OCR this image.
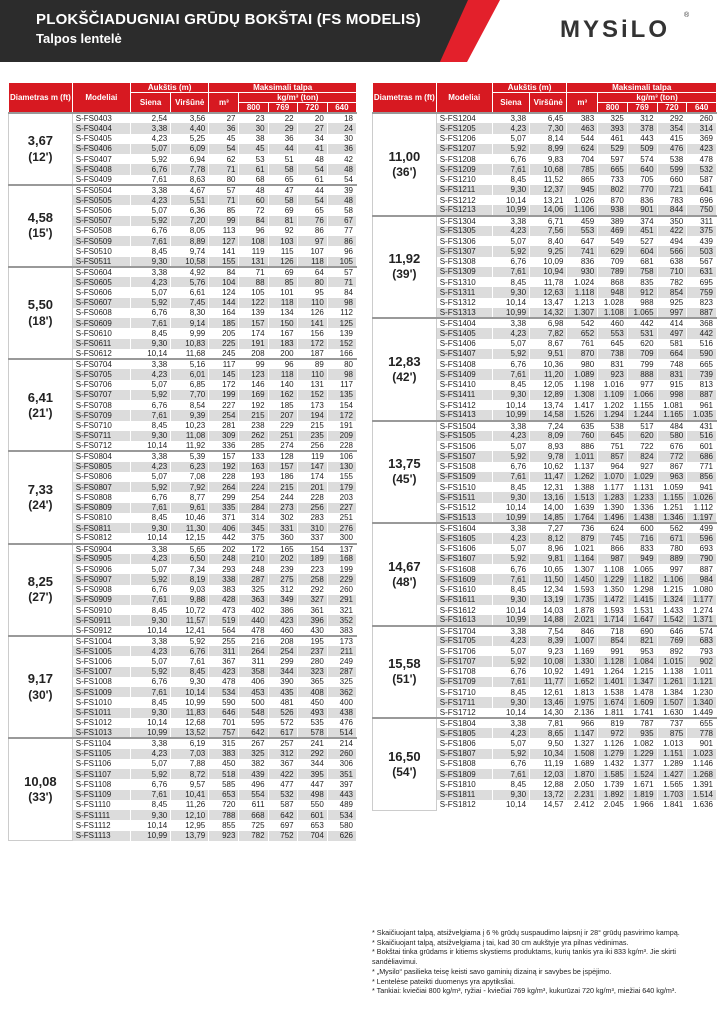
PLOKŠČIADUGNIAI GRŪDŲ BOKŠTAI (FS MODELIS)
Talpos lentelė	MYSiLO
®
Diametras m (ft)	Modeliai	Aukštis (m)		Maksimali talpa				
		Siena	Viršūnė	m³	kg/m³ (ton)			
					800	769	720	640

3,67
(12')	S-FS0403	2,54	3,56	27	23	22	20	18
	S-FS0404	3,38	4,40	36	30	29	27	24
	S-FS0405	4,23	5,25	45	38	36	34	30
	S-FS0406	5,07	6,09	54	45	44	41	36
	S-FS0407	5,92	6,94	62	53	51	48	42
	S-FS0408	6,76	7,78	71	61	58	54	48
	S-FS0409	7,61	8,63	80	68	65	61	54

4,58
(15')	S-FS0504	3,38	4,67	57	48	47	44	39
	S-FS0505	4,23	5,51	71	60	58	54	48
	S-FS0506	5,07	6,36	85	72	69	65	58
	S-FS0507	5,92	7,20	99	84	81	76	67
	S-FS0508	6,76	8,05	113	96	92	86	77
	S-FS0509	7,61	8,89	127	108	103	97	86
	S-FS0510	8,45	9,74	141	119	115	107	96
	S-FS0511	9,30	10,58	155	131	126	118	105

5,50
(18')	S-FS0604	3,38	4,92	84	71	69	64	57
	S-FS0605	4,23	5,76	104	88	85	80	71
	S-FS0606	5,07	6,61	124	105	101	95	84
	S-FS0607	5,92	7,45	144	122	118	110	98
	S-FS0608	6,76	8,30	164	139	134	126	112
	S-FS0609	7,61	9,14	185	157	150	141	125
	S-FS0610	8,45	9,99	205	174	167	156	139
	S-FS0611	9,30	10,83	225	191	183	172	152
	S-FS0612	10,14	11,68	245	208	200	187	166

6,41
(21')	S-FS0704	3,38	5,16	117	99	96	89	80
	S-FS0705	4,23	6,01	145	123	118	110	98
	S-FS0706	5,07	6,85	172	146	140	131	117
	S-FS0707	5,92	7,70	199	169	162	152	135
	S-FS0708	6,76	8,54	227	192	185	173	154
	S-FS0709	7,61	9,39	254	215	207	194	172
	S-FS0710	8,45	10,23	281	238	229	215	191
	S-FS0711	9,30	11,08	309	262	251	235	209
	S-FS0712	10,14	11,92	336	285	274	256	228

7,33
(24')	S-FS0804	3,38	5,39	157	133	128	119	106
	S-FS0805	4,23	6,23	192	163	157	147	130
	S-FS0806	5,07	7,08	228	193	186	174	155
	S-FS0807	5,92	7,92	264	224	215	201	179
	S-FS0808	6,76	8,77	299	254	244	228	203
	S-FS0809	7,61	9,61	335	284	273	256	227
	S-FS0810	8,45	10,46	371	314	302	283	251
	S-FS0811	9,30	11,30	406	345	331	310	276
	S-FS0812	10,14	12,15	442	375	360	337	300

8,25
(27')	S-FS0904	3,38	5,65	202	172	165	154	137
	S-FS0905	4,23	6,50	248	210	202	189	168
	S-FS0906	5,07	7,34	293	248	239	223	199
	S-FS0907	5,92	8,19	338	287	275	258	229
	S-FS0908	6,76	9,03	383	325	312	292	260
	S-FS0909	7,61	9,88	428	363	349	327	291
	S-FS0910	8,45	10,72	473	402	386	361	321
	S-FS0911	9,30	11,57	519	440	423	396	352
	S-FS0912	10,14	12,41	564	478	460	430	383

9,17
(30')	S-FS1004	3,38	5,92	255	216	208	195	173
	S-FS1005	4,23	6,76	311	264	254	237	211
	S-FS1006	5,07	7,61	367	311	299	280	249
	S-FS1007	5,92	8,45	423	358	344	323	287
	S-FS1008	6,76	9,30	478	406	390	365	325
	S-FS1009	7,61	10,14	534	453	435	408	362
	S-FS1010	8,45	10,99	590	500	481	450	400
	S-FS1011	9,30	11,83	646	548	526	493	438
	S-FS1012	10,14	12,68	701	595	572	535	476
	S-FS1013	10,99	13,52	757	642	617	578	514

10,08
(33')	S-FS1104	3,38	6,19	315	267	257	241	214
	S-FS1105	4,23	7,03	383	325	312	292	260
	S-FS1106	5,07	7,88	450	382	367	344	306
	S-FS1107	5,92	8,72	518	439	422	395	351
	S-FS1108	6,76	9,57	585	496	477	447	397
	S-FS1109	7,61	10,41	653	554	532	498	443
	S-FS1110	8,45	11,26	720	611	587	550	489
	S-FS1111	9,30	12,10	788	668	642	601	534
	S-FS1112	10,14	12,95	855	725	697	653	580
	S-FS1113	10,99	13,79	923	782	752	704	626
Diametras m (ft)	Modeliai	Aukštis (m)		Maksimali talpa				
		Siena	Viršūnė	m³	kg/m³ (ton)			
					800	769	720	640

11,00
(36')	S-FS1204	3,38	6,45	383	325	312	292	260
	S-FS1205	4,23	7,30	463	393	378	354	314
	S-FS1206	5,07	8,14	544	461	443	415	369
	S-FS1207	5,92	8,99	624	529	509	476	423
	S-FS1208	6,76	9,83	704	597	574	538	478
	S-FS1209	7,61	10,68	785	665	640	599	532
	S-FS1210	8,45	11,52	865	733	705	660	587
	S-FS1211	9,30	12,37	945	802	770	721	641
	S-FS1212	10,14	13,21	1.026	870	836	783	696
	S-FS1213	10,99	14,06	1.106	938	901	844	750

11,92
(39')	S-FS1304	3,38	6,71	459	389	374	350	311
	S-FS1305	4,23	7,56	553	469	451	422	375
	S-FS1306	5,07	8,40	647	549	527	494	439
	S-FS1307	5,92	9,25	741	629	604	566	503
	S-FS1308	6,76	10,09	836	709	681	638	567
	S-FS1309	7,61	10,94	930	789	758	710	631
	S-FS1310	8,45	11,78	1.024	868	835	782	695
	S-FS1311	9,30	12,63	1.118	948	912	854	759
	S-FS1312	10,14	13,47	1.213	1.028	988	925	823
	S-FS1313	10,99	14,32	1.307	1.108	1.065	997	887

12,83
(42')	S-FS1404	3,38	6,98	542	460	442	414	368
	S-FS1405	4,23	7,82	652	553	531	497	442
	S-FS1406	5,07	8,67	761	645	620	581	516
	S-FS1407	5,92	9,51	870	738	709	664	590
	S-FS1408	6,76	10,36	980	831	799	748	665
	S-FS1409	7,61	11,20	1.089	923	888	831	739
	S-FS1410	8,45	12,05	1.198	1.016	977	915	813
	S-FS1411	9,30	12,89	1.308	1.109	1.066	998	887
	S-FS1412	10,14	13,74	1.417	1.202	1.155	1.081	961
	S-FS1413	10,99	14,58	1.526	1.294	1.244	1.165	1.035

13,75
(45')	S-FS1504	3,38	7,24	635	538	517	484	431
	S-FS1505	4,23	8,09	760	645	620	580	516
	S-FS1506	5,07	8,93	886	751	722	676	601
	S-FS1507	5,92	9,78	1.011	857	824	772	686
	S-FS1508	6,76	10,62	1.137	964	927	867	771
	S-FS1509	7,61	11,47	1.262	1.070	1.029	963	856
	S-FS1510	8,45	12,31	1.388	1.177	1.131	1.059	941
	S-FS1511	9,30	13,16	1.513	1.283	1.233	1.155	1.026
	S-FS1512	10,14	14,00	1.639	1.390	1.336	1.251	1.112
	S-FS1513	10,99	14,85	1.764	1.496	1.438	1.346	1.197

14,67
(48')	S-FS1604	3,38	7,27	736	624	600	562	499
	S-FS1605	4,23	8,12	879	745	716	671	596
	S-FS1606	5,07	8,96	1.021	866	833	780	693
	S-FS1607	5,92	9,81	1.164	987	949	889	790
	S-FS1608	6,76	10,65	1.307	1.108	1.065	997	887
	S-FS1609	7,61	11,50	1.450	1.229	1.182	1.106	984
	S-FS1610	8,45	12,34	1.593	1.350	1.298	1.215	1.080
	S-FS1611	9,30	13,19	1.735	1.472	1.415	1.324	1.177
	S-FS1612	10,14	14,03	1.878	1.593	1.531	1.433	1.274
	S-FS1613	10,99	14,88	2.021	1.714	1.647	1.542	1.371

15,58
(51')	S-FS1704	3,38	7,54	846	718	690	646	574
	S-FS1705	4,23	8,39	1.007	854	821	769	683
	S-FS1706	5,07	9,23	1.169	991	953	892	793
	S-FS1707	5,92	10,08	1.330	1.128	1.084	1.015	902
	S-FS1708	6,76	10,92	1.491	1.264	1.215	1.138	1.011
	S-FS1709	7,61	11,77	1.652	1.401	1.347	1.261	1.121
	S-FS1710	8,45	12,61	1.813	1.538	1.478	1.384	1.230
	S-FS1711	9,30	13,46	1.975	1.674	1.609	1.507	1.340
	S-FS1712	10,14	14,30	2.136	1.811	1.741	1.630	1.449

16,50
(54')	S-FS1804	3,38	7,81	966	819	787	737	655
	S-FS1805	4,23	8,65	1.147	972	935	875	778
	S-FS1806	5,07	9,50	1.327	1.126	1.082	1.013	901
	S-FS1807	5,92	10,34	1.508	1.279	1.229	1.151	1.023
	S-FS1808	6,76	11,19	1.689	1.432	1.377	1.289	1.146
	S-FS1809	7,61	12,03	1.870	1.585	1.524	1.427	1.268
	S-FS1810	8,45	12,88	2.050	1.739	1.671	1.565	1.391
	S-FS1811	9,30	13,72	2.231	1.892	1.819	1.703	1.514
	S-FS1812	10,14	14,57	2.412	2.045	1.966	1.841	1.636
* Skaičiuojant talpą, atsižvelgiama į 6 % grūdų suspaudimo laipsnį ir 28° grūdų pasvirimo kampą.
* Skaičiuojant talpą, atsižvelgiama į tai, kad 30 cm aukštyje yra pilnas vėdinimas.
* Bokštai tinka grūdams ir kitiems skystiems produktams, kurių tankis yra iki 833 kg/m³. Jie skirti sandėliavimui.
* „Mysilo“ pasilieka teisę keisti savo gaminių dizainą ir savybes be įspėjimo.
* Lentelėse pateikti duomenys yra apytiksliai.
* Tankiai: kviečiai 800 kg/m³, ryžiai - kviečiai 769 kg/m³, kukurūzai 720 kg/m³, miežiai 640 kg/m³.
